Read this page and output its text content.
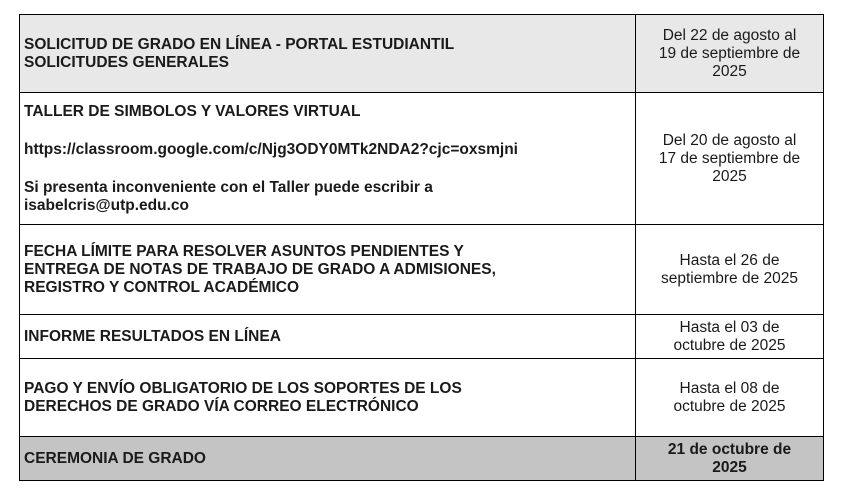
SOLICITUD DE GRADO EN LÍNEA - PORTAL ESTUDIANTIL
SOLICITUDES GENERALES	Del 22 de agosto al
19 de septiembre de
2025

TALLER DE SIMBOLOS Y VALORES VIRTUAL
https://classroom.google.com/c/Njg3ODY0MTk2NDA2?cjc=oxsmjni
Si presenta inconveniente con el Taller puede escribir a
isabelcris@utp.edu.co	Del 20 de agosto al
17 de septiembre de
2025

FECHA LÍMITE PARA RESOLVER ASUNTOS PENDIENTES Y
ENTREGA DE NOTAS DE TRABAJO DE GRADO A ADMISIONES,
REGISTRO Y CONTROL ACADÉMICO	Hasta el 26 de
septiembre de 2025

INFORME RESULTADOS EN LÍNEA	Hasta el 03 de
octubre de 2025

PAGO Y ENVÍO OBLIGATORIO DE LOS SOPORTES DE LOS
DERECHOS DE GRADO VÍA CORREO ELECTRÓNICO	Hasta el 08 de
octubre de 2025

CEREMONIA DE GRADO	21 de octubre de
2025
